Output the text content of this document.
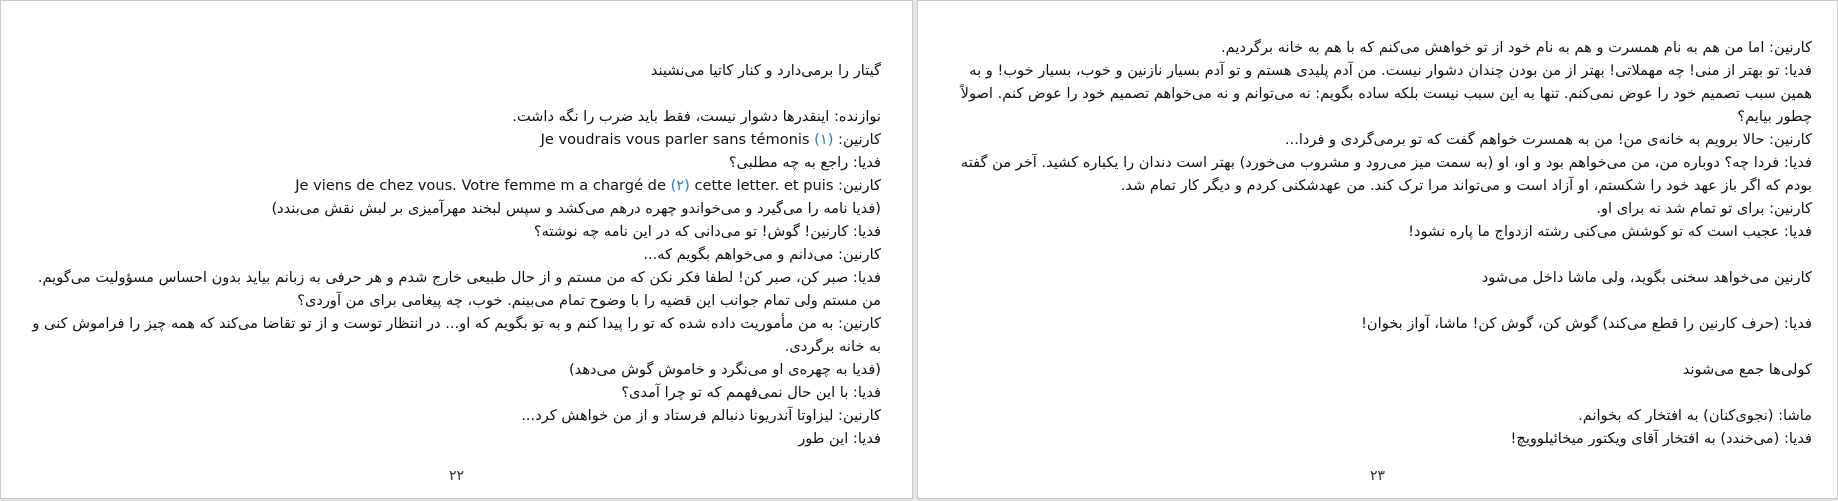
گیتار را برمی‌دارد و کنار کاتیا می‌نشیند
نوازنده: اینقدرها دشوار نیست، فقط باید ضرب را نگه داشت.
کارنین: (۱) Je voudrais vous parler sans témonis
فدیا: راجع به چه مطلبی؟
کارنین: Je viens de chez vous. Votre femme m a chargé de (۲) cette letter. et puis
(فدیا نامه را می‌گیرد و می‌خواندو چهره درهم می‌کشد و سپس لبخند مهرآمیزی بر لبش نقش می‌بندد)
فدیا: کارنین! گوش! تو می‌دانی که در این نامه چه نوشته؟
کارنین: می‌دانم و می‌خواهم بگویم که...
فدیا: صبر کن، صبر کن! لطفا فکر نکن که من مستم و از حال طبیعی خارج شدم و هر حرفی به زبانم بیاید بدون احساس مسؤولیت می‌گویم. من مستم ولی تمام جوانب این قضیه را با وضوح تمام می‌بینم. خوب، چه پیغامی برای من آوردی؟
کارنین: به من مأموریت داده شده که تو را پیدا کنم و به تو بگویم که او... در انتظار توست و از تو تقاضا می‌کند که همه چیز را فراموش کنی و به خانه برگردی.
(فدیا به چهره‌ی او می‌نگرد و خاموش گوش می‌دهد)
فدیا: با این حال نمی‌فهمم که تو چرا آمدی؟
کارنین: لیزاوتا آندریونا دنبالم فرستاد و از من خواهش کرد...
فدیا: این طور
۲۲
کارنین: اما من هم به نام همسرت و هم به نام خود از تو خواهش می‌کنم که با هم به خانه برگردیم.
فدیا: تو بهتر از منی! چه مهملاتی! بهتر از من بودن چندان دشوار نیست. من آدم پلیدی هستم و تو آدم بسیار نازنین و خوب، بسیار خوب! و به همین سبب تصمیم خود را عوض نمی‌کنم. تنها به این سبب نیست بلکه ساده بگویم: نه می‌توانم و نه می‌خواهم تصمیم خود را عوض کنم. اصولاً چطور بیایم؟
کارنین: حالا برویم به خانه‌ی من! من به همسرت خواهم گفت که تو برمی‌گردی و فردا...
فدیا: فردا چه؟ دوباره من، من می‌خواهم بود و او، او (به سمت میز می‌رود و مشروب می‌خورد) بهتر است دندان را یکباره کشید. آخر من گفته بودم که اگر باز عهد خود را شکستم، او آزاد است و می‌تواند مرا ترک کند. من عهدشکنی کردم و دیگر کار تمام شد.
کارنین: برای تو تمام شد نه برای او.
فدیا: عجیب است که تو کوشش می‌کنی رشته ازدواج ما پاره نشود!
کارنین می‌خواهد سخنی بگوید، ولی ماشا داخل می‌شود
فدیا: (حرف کارنین را قطع می‌کند) گوش کن، گوش کن! ماشا، آواز بخوان!
کولی‌ها جمع می‌شوند
ماشا: (نجوی‌کنان) به افتخار که بخوانم.
فدیا: (می‌خندد) به افتخار آقای ویکتور میخائیلوویچ!
۲۳
